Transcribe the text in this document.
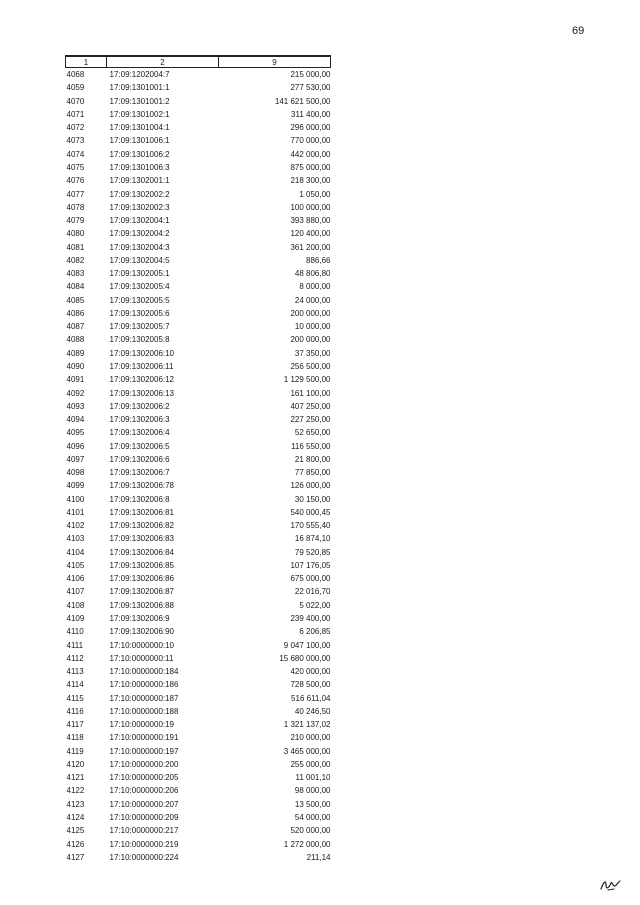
69
1	2	9
4068	17:09:1202004:7	215 000,00
4059	17:09:1301001:1	277 530,00
4070	17:09:1301001:2	141 621 500,00
4071	17:09:1301002:1	311 400,00
4072	17:09:1301004:1	296 000,00
4073	17:09:1301006:1	770 000,00
4074	17:09:1301006:2	442 000,00
4075	17:09:1301006:3	875 000,00
4076	17:09:1302001:1	218 300,00
4077	17:09:1302002:2	1 050,00
4078	17:09:1302002:3	100 000,00
4079	17:09:1302004:1	393 880,00
4080	17:09:1302004:2	120 400,00
4081	17:09:1302004:3	361 200,00
4082	17:09:1302004:5	886,66
4083	17:09:1302005:1	48 806,80
4084	17:09:1302005:4	8 000,00
4085	17:09:1302005:5	24 000,00
4086	17:09:1302005:6	200 000,00
4087	17:09:1302005:7	10 000,00
4088	17:09:1302005:8	200 000,00
4089	17:09:1302006:10	37 350,00
4090	17:09:1302006:11	256 500,00
4091	17:09:1302006:12	1 129 500,00
4092	17:09:1302006:13	161 100,00
4093	17:09:1302006:2	407 250,00
4094	17:09:1302006:3	227 250,00
4095	17:09:1302006:4	52 650,00
4096	17:09:1302006:5	116 550,00
4097	17:09:1302006:6	21 800,00
4098	17:09:1302006:7	77 850,00
4099	17:09:1302006:78	126 000,00
4100	17:09:1302006:8	30 150,00
4101	17:09:1302006:81	540 000,45
4102	17:09:1302006:82	170 555,40
4103	17:09:1302006:83	16 874,10
4104	17:09:1302006:84	79 520,85
4105	17:09:1302006:85	107 176,05
4106	17:09:1302006:86	675 000,00
4107	17:09:1302006:87	22 016,70
4108	17:09:1302006:88	5 022,00
4109	17:09:1302006:9	239 400,00
4110	17:09:1302006:90	6 206,85
4111	17:10:0000000:10	9 047 100,00
4112	17:10:0000000:11	15 680 000,00
4113	17:10:0000000:184	420 000,00
4114	17:10:0000000:186	728 500,00
4115	17:10:0000000:187	516 611,04
4116	17:10:0000000:188	40 246,50
4117	17:10:0000000:19	1 321 137,02
4118	17:10:0000000:191	210 000,00
4119	17:10:0000000:197	3 465 000,00
4120	17:10:0000000:200	255 000,00
4121	17:10:0000000:205	11 001,10
4122	17:10:0000000:206	98 000,00
4123	17:10:0000000:207	13 500,00
4124	17:10:0000000:209	54 000,00
4125	17:10:0000000:217	520 000,00
4126	17:10:0000000:219	1 272 000,00
4127	17:10:0000000:224	211,14
